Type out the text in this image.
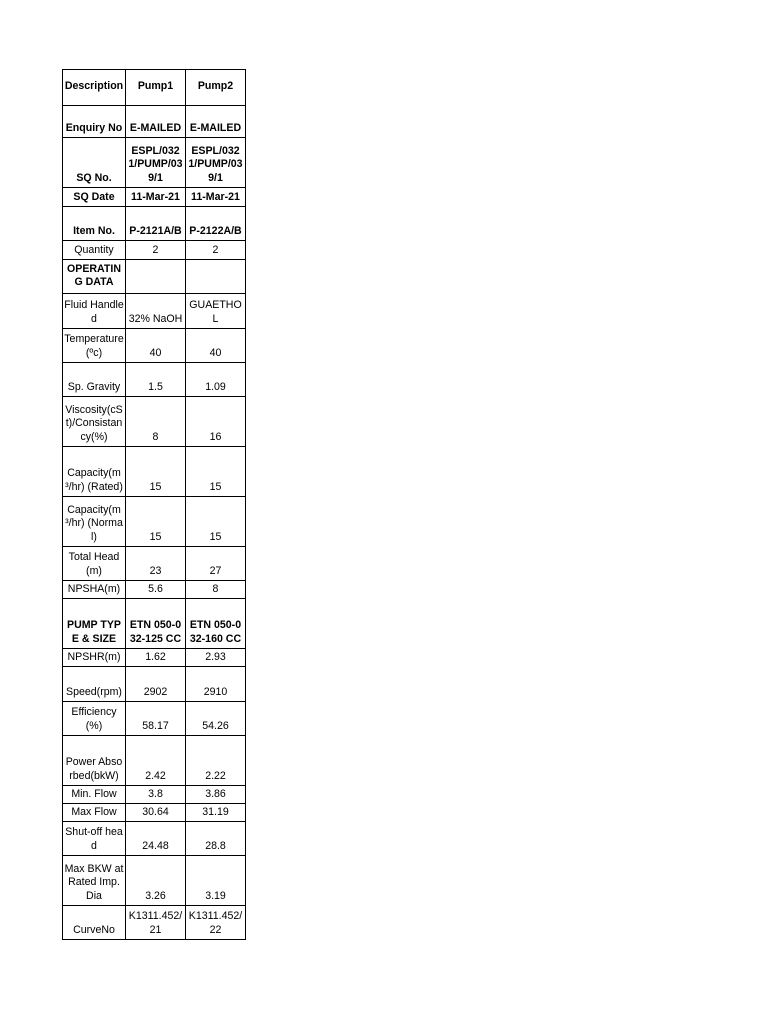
Description	Pump1	Pump2
Enquiry No	E-MAILED	E-MAILED
SQ No.	ESPL/0321/PUMP/039/1	ESPL/0321/PUMP/039/1
SQ Date	11-Mar-21	11-Mar-21
Item No.	P-2121A/B	P-2122A/B
Quantity	2	2
OPERATING DATA		
Fluid Handled	32% NaOH	GUAETHOL
Temperature (ºc)	40	40
Sp. Gravity	1.5	1.09
Viscosity(cSt)/Consistancy(%)	8	16
Capacity(m³/hr) (Rated)	15	15
Capacity(m³/hr) (Normal)	15	15
Total Head(m)	23	27
NPSHA(m)	5.6	8
PUMP TYPE & SIZE	ETN 050-032-125 CC	ETN 050-032-160 CC
NPSHR(m)	1.62	2.93
Speed(rpm)	2902	2910
Efficiency(%)	58.17	54.26
Power Absorbed(bkW)	2.42	2.22
Min. Flow	3.8	3.86
Max Flow	30.64	31.19
Shut-off head	24.48	28.8
Max BKW at Rated Imp. Dia	3.26	3.19
CurveNo	K1311.452/21	K1311.452/22
